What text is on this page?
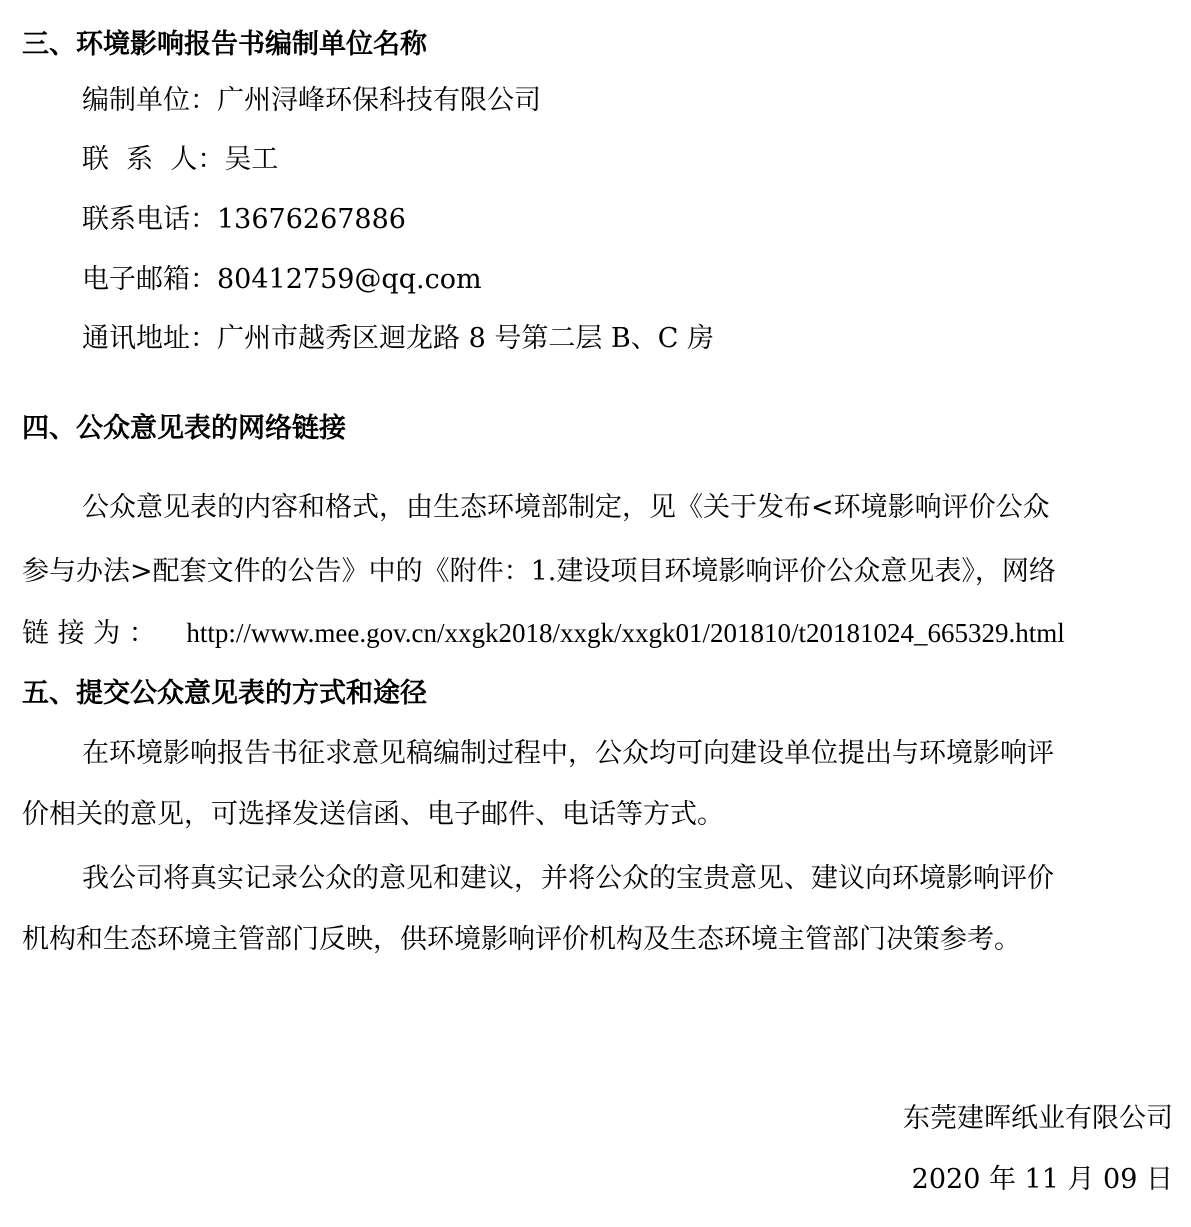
三、环境影响报告书编制单位名称
编制单位：广州浔峰环保科技有限公司
联  系  人：吴工
联系电话：13676267886
电子邮箱：80412759@qq.com
通讯地址：广州市越秀区迴龙路 8 号第二层 B、C 房
四、公众意见表的网络链接
公众意见表的内容和格式，由生态环境部制定，见《关于发布<环境影响评价公众
参与办法>配套文件的公告》中的《附件：1.建设项目环境影响评价公众意见表》，网络
链 接 为 ： http://www.mee.gov.cn/xxgk2018/xxgk/xxgk01/201810/t20181024_665329.html
五、提交公众意见表的方式和途径
在环境影响报告书征求意见稿编制过程中，公众均可向建设单位提出与环境影响评
价相关的意见，可选择发送信函、电子邮件、电话等方式。
我公司将真实记录公众的意见和建议，并将公众的宝贵意见、建议向环境影响评价
机构和生态环境主管部门反映，供环境影响评价机构及生态环境主管部门决策参考。
东莞建晖纸业有限公司
2020 年 11 月 09 日
